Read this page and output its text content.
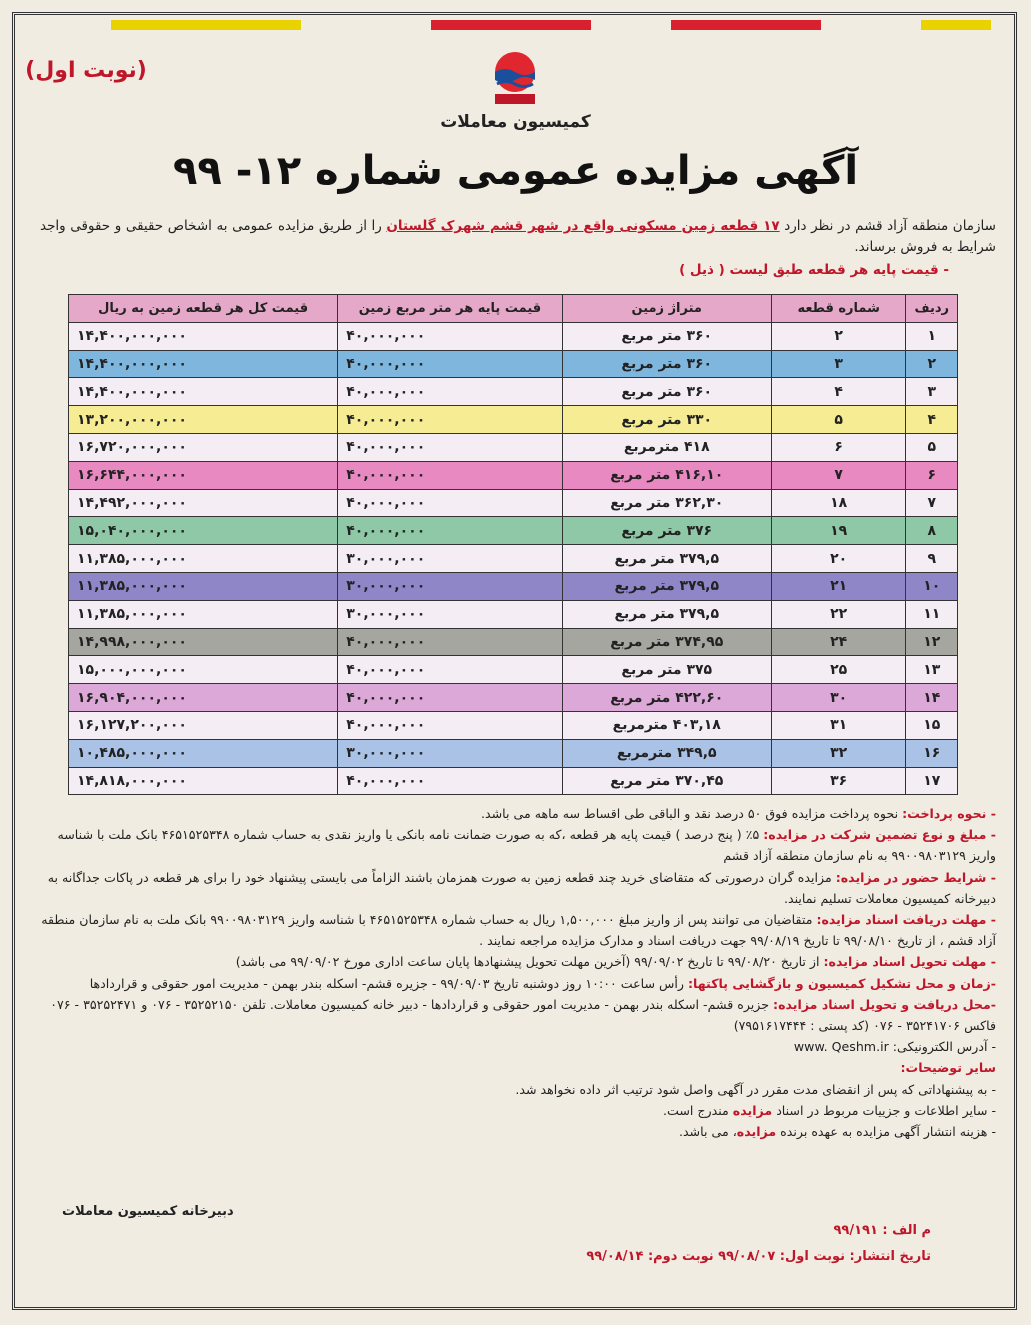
(نوبت اول)
کمیسیون معاملات
آگهی مزایده عمومی شماره ۱۲- ۹۹
سازمان منطقه آزاد قشم در نظر دارد ۱۷ قطعه زمین مسکونی واقع در شهر قشم شهرک گلستان را از طریق مزایده عمومی به اشخاص حقیقی و حقوقی واجد شرایط به فروش برساند.
- قیمت پایه هر قطعه طبق لیست ( ذیل )
ردیف	شماره قطعه	متراژ زمین	قیمت پایه هر متر مربع زمین	قیمت کل هر قطعه زمین به ریال
۱	۲	۳۶۰ متر مربع	۴۰,۰۰۰,۰۰۰	۱۴,۴۰۰,۰۰۰,۰۰۰
۲	۳	۳۶۰ متر مربع	۴۰,۰۰۰,۰۰۰	۱۴,۴۰۰,۰۰۰,۰۰۰
۳	۴	۳۶۰ متر مربع	۴۰,۰۰۰,۰۰۰	۱۴,۴۰۰,۰۰۰,۰۰۰
۴	۵	۳۳۰ متر مربع	۴۰,۰۰۰,۰۰۰	۱۳,۲۰۰,۰۰۰,۰۰۰
۵	۶	۴۱۸ مترمربع	۴۰,۰۰۰,۰۰۰	۱۶,۷۲۰,۰۰۰,۰۰۰
۶	۷	۴۱۶,۱۰ متر مربع	۴۰,۰۰۰,۰۰۰	۱۶,۶۴۴,۰۰۰,۰۰۰
۷	۱۸	۳۶۲,۳۰ متر مربع	۴۰,۰۰۰,۰۰۰	۱۴,۴۹۲,۰۰۰,۰۰۰
۸	۱۹	۳۷۶ متر مربع	۴۰,۰۰۰,۰۰۰	۱۵,۰۴۰,۰۰۰,۰۰۰
۹	۲۰	۳۷۹,۵ متر مربع	۳۰,۰۰۰,۰۰۰	۱۱,۳۸۵,۰۰۰,۰۰۰
۱۰	۲۱	۳۷۹,۵ متر مربع	۳۰,۰۰۰,۰۰۰	۱۱,۳۸۵,۰۰۰,۰۰۰
۱۱	۲۲	۳۷۹,۵ متر مربع	۳۰,۰۰۰,۰۰۰	۱۱,۳۸۵,۰۰۰,۰۰۰
۱۲	۲۴	۳۷۴,۹۵ متر مربع	۴۰,۰۰۰,۰۰۰	۱۴,۹۹۸,۰۰۰,۰۰۰
۱۳	۲۵	۳۷۵ متر مربع	۴۰,۰۰۰,۰۰۰	۱۵,۰۰۰,۰۰۰,۰۰۰
۱۴	۳۰	۴۲۲,۶۰ متر مربع	۴۰,۰۰۰,۰۰۰	۱۶,۹۰۴,۰۰۰,۰۰۰
۱۵	۳۱	۴۰۳,۱۸ مترمربع	۴۰,۰۰۰,۰۰۰	۱۶,۱۲۷,۲۰۰,۰۰۰
۱۶	۳۲	۳۴۹,۵ مترمربع	۳۰,۰۰۰,۰۰۰	۱۰,۴۸۵,۰۰۰,۰۰۰
۱۷	۳۶	۳۷۰,۴۵ متر مربع	۴۰,۰۰۰,۰۰۰	۱۴,۸۱۸,۰۰۰,۰۰۰

- نحوه پرداخت: نحوه پرداخت مزایده فوق ۵۰ درصد نقد و الباقی طی اقساط سه ماهه می باشد.

- مبلغ و نوع تضمین شرکت در مزایده: ۵٪ ( پنج درصد ) قیمت پایه هر قطعه ،که به صورت ضمانت نامه بانکی یا واریز نقدی به حساب شماره ۴۶۵۱۵۲۵۳۴۸ بانک ملت با شناسه واریز ۹۹۰۰۹۸۰۳۱۲۹ به نام سازمان منطقه آزاد قشم

- شرایط حضور در مزایده: مزایده گران درصورتی که متقاضای خرید چند قطعه زمین به صورت همزمان باشند الزاماً می بایستی پیشنهاد خود را برای هر قطعه در پاکات جداگانه به دبیرخانه کمیسیون معاملات تسلیم نمایند.

- مهلت دریافت اسناد مزایده: متقاضیان می توانند پس از واریز مبلغ ۱,۵۰۰,۰۰۰ ریال به حساب شماره ۴۶۵۱۵۲۵۳۴۸ با شناسه واریز ۹۹۰۰۹۸۰۳۱۲۹ بانک ملت به نام سازمان منطقه آزاد قشم ، از تاریخ ۹۹/۰۸/۱۰ تا تاریخ ۹۹/۰۸/۱۹ جهت دریافت اسناد و مدارک مزایده مراجعه نمایند .

- مهلت تحویل اسناد مزایده: از تاریخ ۹۹/۰۸/۲۰ تا تاریخ ۹۹/۰۹/۰۲ (آخرین مهلت تحویل پیشنهادها پایان ساعت اداری مورخ ۹۹/۰۹/۰۲ می باشد)

-زمان و محل تشکیل کمیسیون و بازگشایی پاکتها: رأس ساعت ۱۰:۰۰ روز دوشنبه تاریخ ۹۹/۰۹/۰۳ - جزیره قشم- اسکله بندر بهمن - مدیریت امور حقوقی و قراردادها

-محل دریافت و تحویل اسناد مزایده: جزیره قشم- اسکله بندر بهمن - مدیریت امور حقوقی و قراردادها - دبیر خانه کمیسیون معاملات. تلفن ۳۵۲۵۲۱۵۰ - ۰۷۶ و ۳۵۲۵۲۴۷۱ - ۰۷۶ فاکس ۳۵۲۴۱۷۰۶ - ۰۷۶ (کد پستی : ۷۹۵۱۶۱۷۴۴۴)

- آدرس الکترونیکی: www. Qeshm.ir

سایر توضیحات:

- به پیشنهاداتی که پس از انقضای مدت مقرر در آگهی واصل شود ترتیب اثر داده نخواهد شد.

- سایر اطلاعات و جزییات مربوط در اسناد مزایده مندرج است.

- هزینه انتشار آگهی مزایده به عهده برنده مزایده، می باشد.

دبیرخانه کمیسیون معاملات
م الف : ۹۹/۱۹۱
تاریخ انتشار: نوبت اول: ۹۹/۰۸/۰۷ نوبت دوم: ۹۹/۰۸/۱۴
